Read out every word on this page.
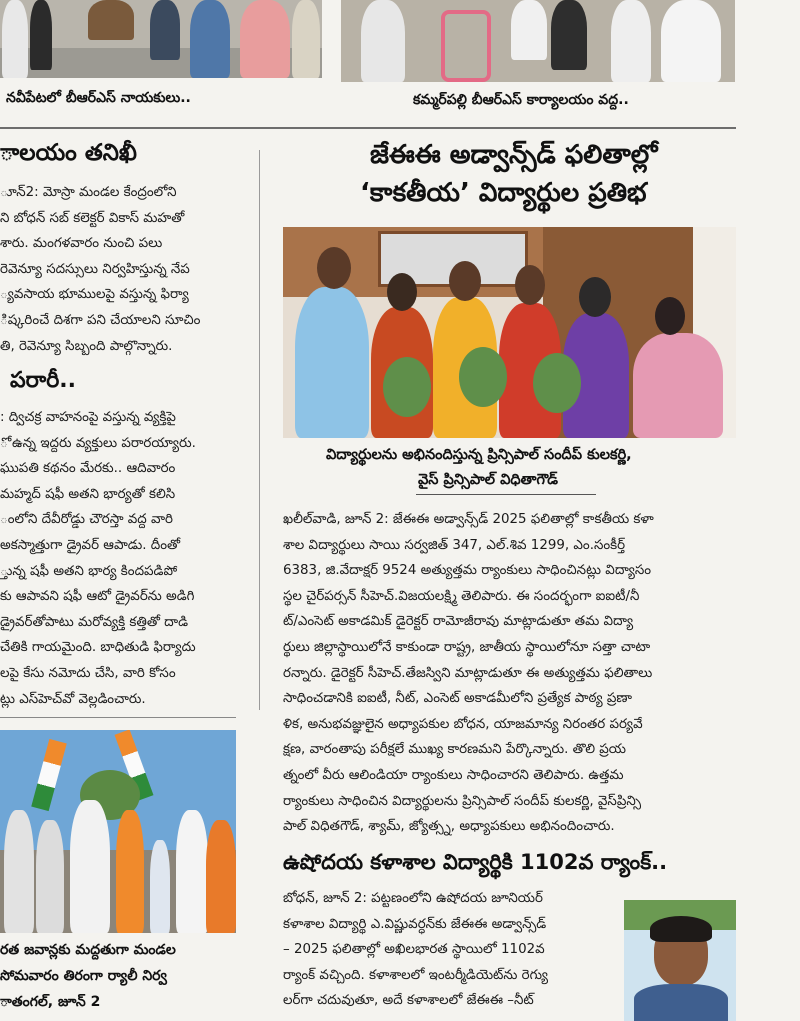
నవీపేటలో బీఆర్ఎస్ నాయకులు..	కమ్మర్‌పల్లి బీఆర్ఎస్ కార్యాలయం వద్ద..
ాలయం తనిఖీ

ూన్2: మోస్రా మండల కేంద్రంలోని

ని బోధన్ సబ్ కలెక్టర్ వికాస్ మహతో

శారు. మంగళవారం నుంచి పలు

రెవెన్యూ సదస్సులు నిర్వహిస్తున్న నేప

్యవసాయ భూములపై వస్తున్న ఫిర్యా

ిష్కరించే దిశగా పని చేయాలని సూచిం

తి, రెవెన్యూ సిబ్బంది పాల్గొన్నారు.

పరారీ..

: ద్విచక్ర వాహనంపై వస్తున్న వ్యక్తిపై

ో ఉన్న ఇద్దరు వ్యక్తులు పరారయ్యారు.

ఘుపతి కథనం మేరకు.. ఆదివారం

మహ్మద్ షఫీ అతని భార్యతో కలిసి

ంలోని దేవీరోడ్డు చౌరస్తా వద్ద వారి

అకస్మాత్తుగా డ్రైవర్ ఆపాడు. దీంతో

్తున్న షఫీ అతని భార్య కిందపడిపో

కు ఆపావని షఫీ ఆటో డ్రైవర్‌ను అడిగి

డ్రైవర్‌తోపాటు మరోవ్యక్తి కత్తితో దాడి

చేతికి గాయమైంది. బాధితుడి ఫిర్యాదు

లపై కేసు నమోదు చేసి, వారి కోసం

ట్లు ఎస్‌హెచ్‌వో వెల్లడించారు.

రత జవాన్లకు మద్దతుగా మండల
సోమవారం తిరంగా ర్యాలీ నిర్వ
ాతంగల్, జూన్ 2
జేఈఈ అడ్వాన్స్‌డ్ ఫలితాల్లో
‘కాకతీయ’ విద్యార్థుల ప్రతిభ
విద్యార్థులను అభినందిస్తున్న ప్రిన్సిపాల్ సందీప్ కులకర్ణి,
వైస్ ప్రిన్సిపాల్ విధితాగౌడ్

ఖలీల్‌వాడి, జూన్ 2: జేఈఈ అడ్వాన్స్‌డ్ 2025 ఫలితాల్లో కాకతీయ కళా

శాల విద్యార్థులు సాయి సర్వజిత్ 347, ఎల్.శివ 1299, ఎం.సంకీర్త్

6383, జి.వేదాక్షర్ 9524 అత్యుత్తమ ర్యాంకులు సాధించినట్లు విద్యాసం

స్థల చైర్‌పర్సన్ సీహెచ్.విజయలక్ష్మి తెలిపారు. ఈ సందర్భంగా ఐఐటీ/నీ

ట్/ఎంసెట్ అకాడమిక్ డైరెక్టర్ రామోజీరావు మాట్లాడుతూ తమ విద్యా

ర్థులు జిల్లాస్థాయిలోనే కాకుండా రాష్ట్ర, జాతీయ స్థాయిలోనూ సత్తా చాటా

రన్నారు. డైరెక్టర్ సీహెచ్.తేజస్విని మాట్లాడుతూ ఈ అత్యుత్తమ ఫలితాలు

సాధించడానికి ఐఐటీ, నీట్, ఎంసెట్ అకాడమీలోని ప్రత్యేక పాఠ్య ప్రణా

ళిక, అనుభవజ్ఞులైన అధ్యాపకుల బోధన, యాజమాన్య నిరంతర పర్యవే

క్షణ, వారంతాపు పరీక్షలే ముఖ్య కారణమని పేర్కొన్నారు. తొలి ప్రయ

త్నంలో వీరు ఆలిండియా ర్యాంకులు సాధించారని తెలిపారు. ఉత్తమ

ర్యాంకులు సాధించిన విద్యార్థులను ప్రిన్సిపాల్ సందీప్ కులకర్ణి, వైస్‌ప్రిన్సి

పాల్ విధితగౌడ్, శ్యామ్, జ్యోత్స్న, అధ్యాపకులు అభినందించారు.

ఉషోదయ కళాశాల విద్యార్థికి 1102వ ర్యాంక్..

బోధన్, జూన్ 2: పట్టణంలోని ఉషోదయ జూనియర్

కళాశాల విద్యార్థి ఎ.విష్ణువర్ధన్‌కు జేఈఈ అడ్వాన్స్‌డ్

– 2025 ఫలితాల్లో అఖిలభారత స్థాయిలో 1102వ

ర్యాంక్ వచ్చింది. కళాశాలలో ఇంటర్మీడియెట్‌ను రెగ్యు

లర్‌గా చదువుతూ, అదే కళాశాలలో జేఈఈ –నీట్
